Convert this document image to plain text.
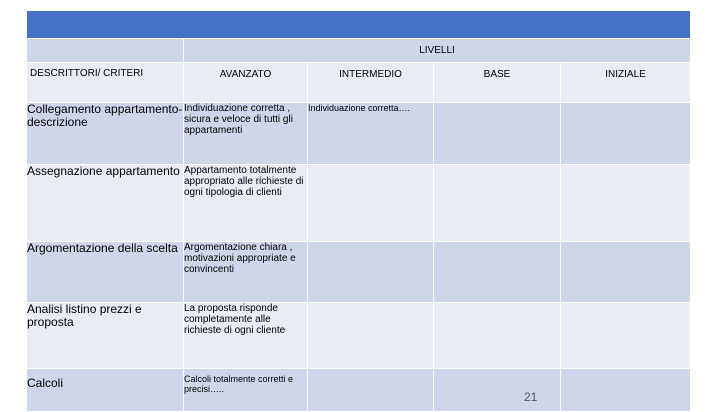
	LIVELLI			
DESCRITTORI/ CRITERI	AVANZATO	INTERMEDIO	BASE	INIZIALE
Collegamento appartamento-descrizione	Individuazione corretta , sicura e veloce di tutti gli appartamenti	Individuazione corretta….		
Assegnazione appartamento	Appartamento totalmente appropriato alle richieste di ogni tipologia di clienti			
Argomentazione della scelta	Argomentazione chiara , motivazioni appropriate e convincenti			
Analisi listino prezzi e proposta	La proposta risponde completamente alle richieste di ogni cliente			
Calcoli	Calcoli totalmente corretti e precisi…..			
21
